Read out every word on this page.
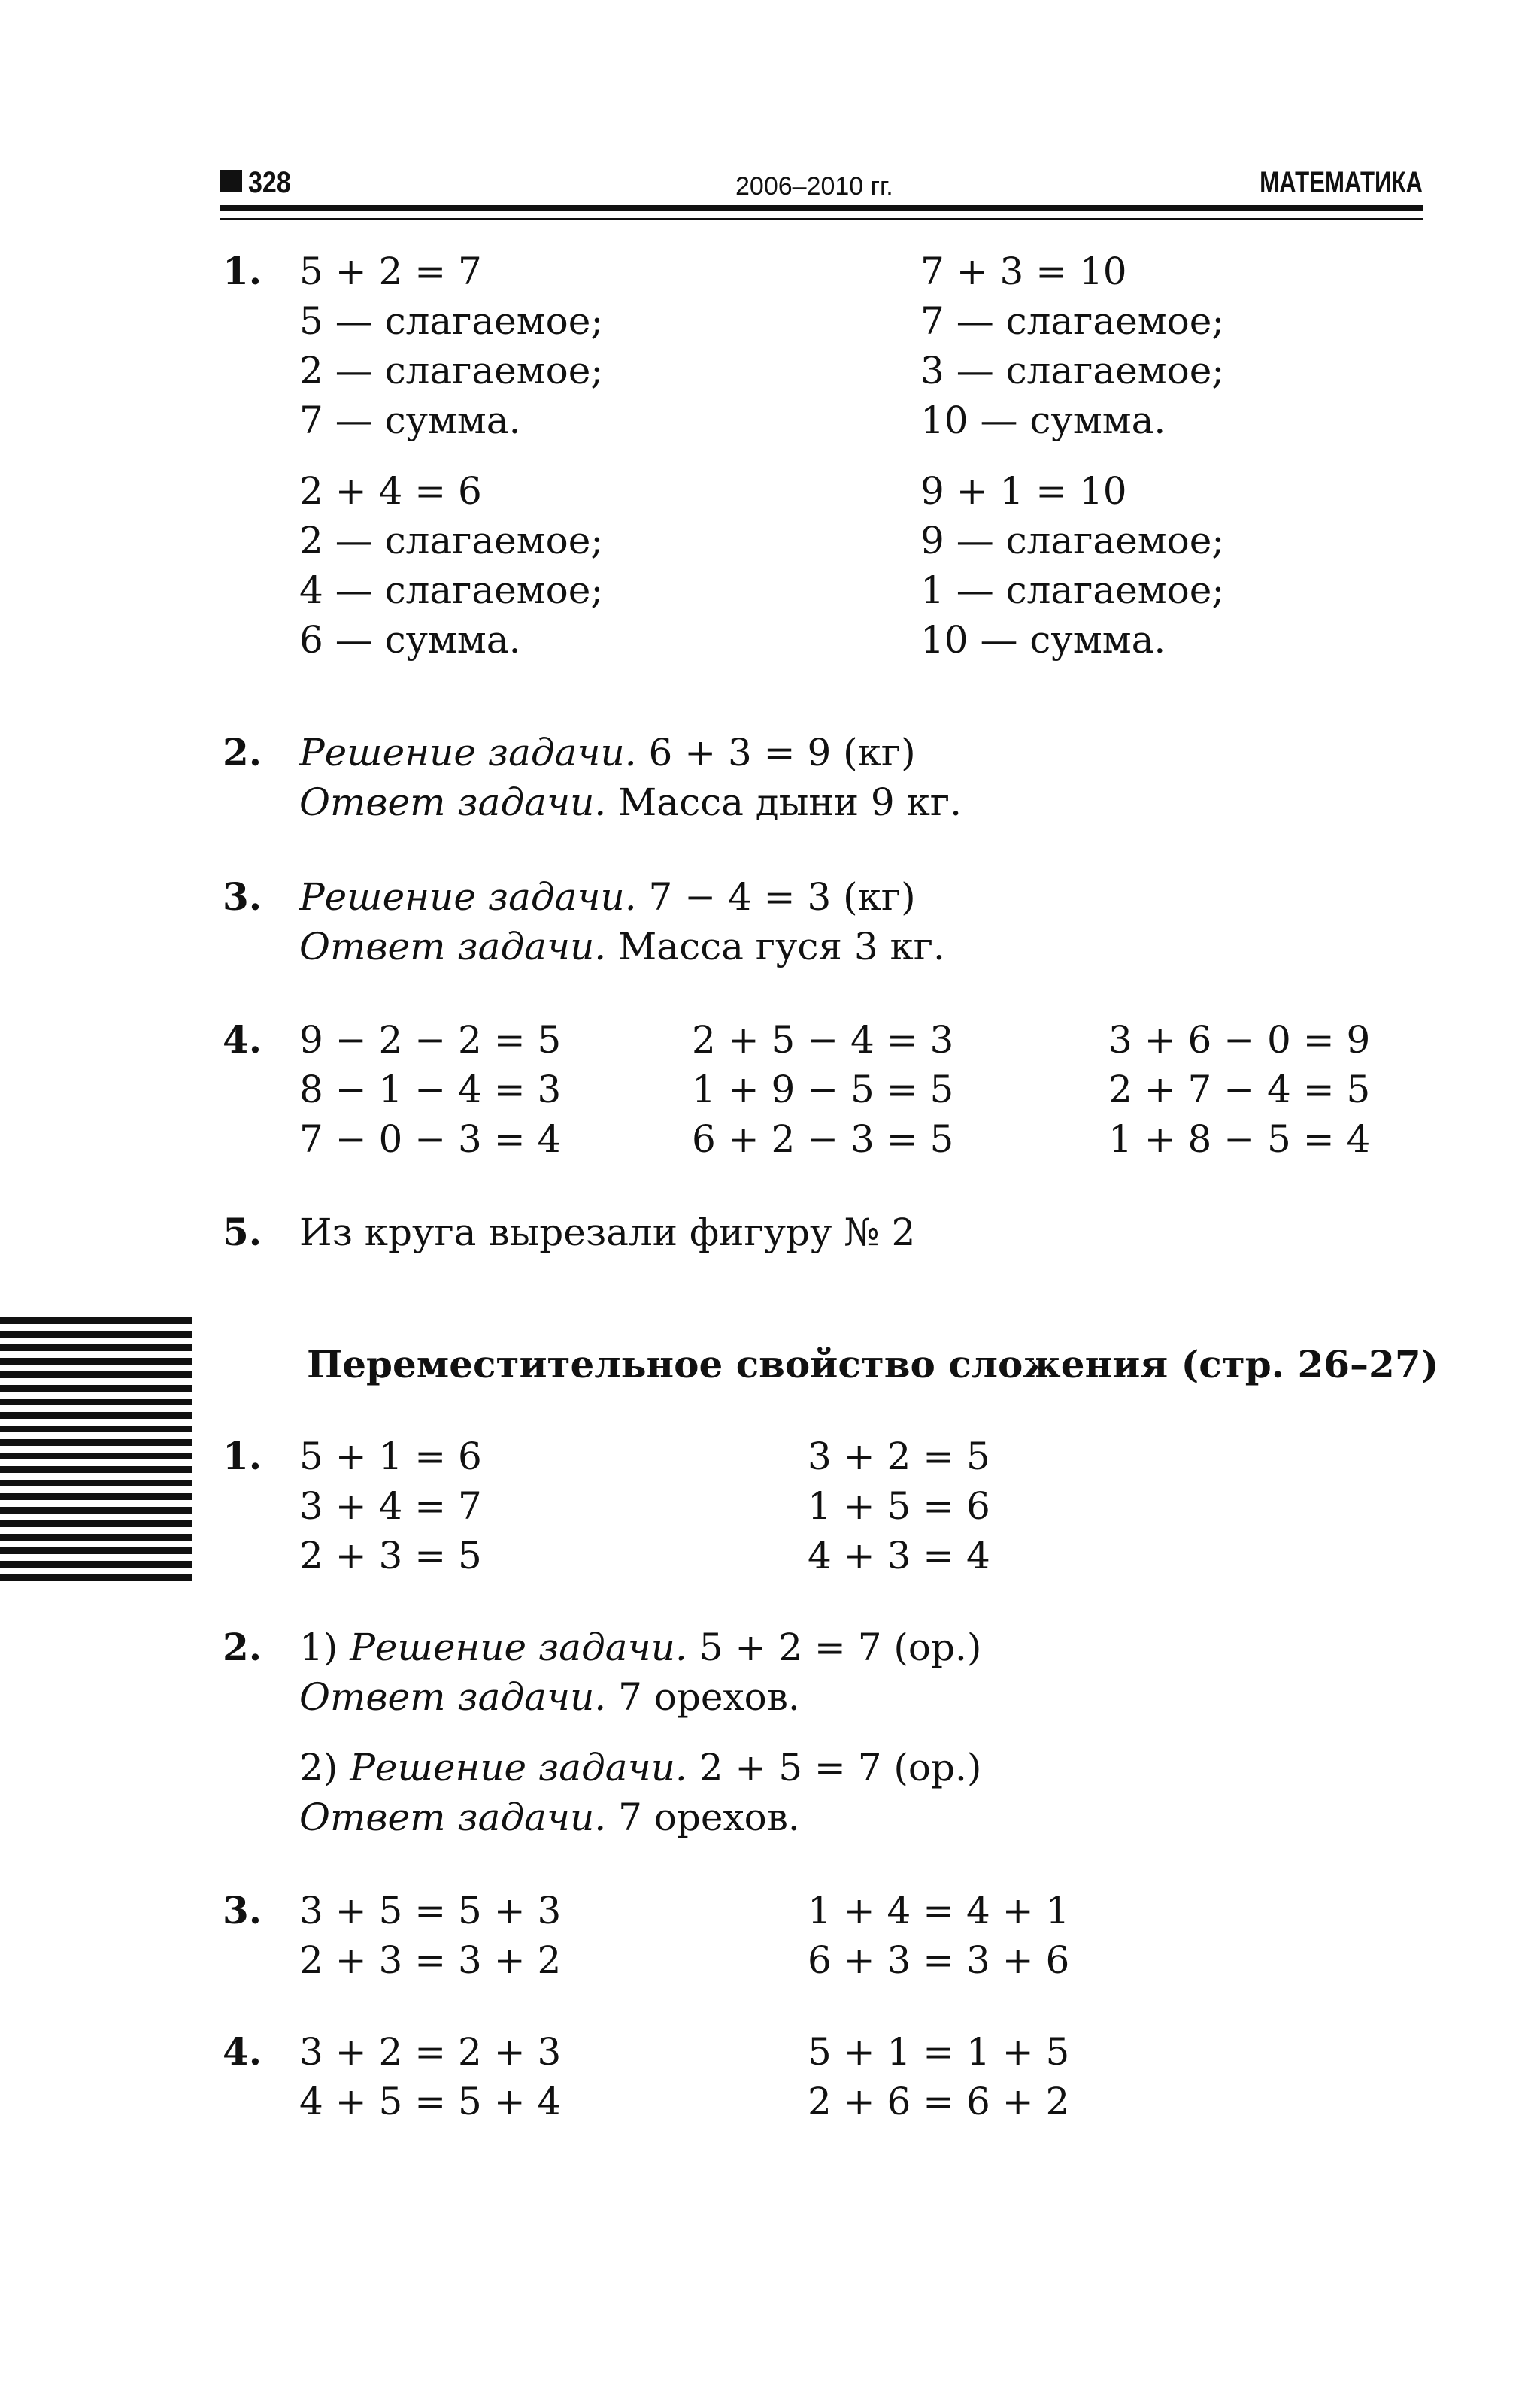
328	2006–2010 гг.	МАТЕМАТИКА
1. 5 + 2 = 7
5 — слагаемое;
2 — слагаемое;
7 — сумма.
7 + 3 = 10
7 — слагаемое;
3 — слагаемое;
10 — сумма.
2 + 4 = 6
2 — слагаемое;
4 — слагаемое;
6 — сумма.
9 + 1 = 10
9 — слагаемое;
1 — слагаемое;
10 — сумма.
2. Решение задачи. 6 + 3 = 9 (кг)
Ответ задачи. Масса дыни 9 кг.
3. Решение задачи. 7 − 4 = 3 (кг)
Ответ задачи. Масса гуся 3 кг.
4. 9 − 2 − 2 = 5
8 − 1 − 4 = 3
7 − 0 − 3 = 4
2 + 5 − 4 = 3
1 + 9 − 5 = 5
6 + 2 − 3 = 5
3 + 6 − 0 = 9
2 + 7 − 4 = 5
1 + 8 − 5 = 4
5. Из круга вырезали фигуру № 2
Переместительное свойство сложения (стр. 26–27)
1. 5 + 1 = 6
3 + 4 = 7
2 + 3 = 5
3 + 2 = 5
1 + 5 = 6
4 + 3 = 4
2. 1) Решение задачи. 5 + 2 = 7 (ор.)
Ответ задачи. 7 орехов.
2) Решение задачи. 2 + 5 = 7 (ор.)
Ответ задачи. 7 орехов.
3. 3 + 5 = 5 + 3
2 + 3 = 3 + 2
1 + 4 = 4 + 1
6 + 3 = 3 + 6
4. 3 + 2 = 2 + 3
4 + 5 = 5 + 4
5 + 1 = 1 + 5
2 + 6 = 6 + 2
